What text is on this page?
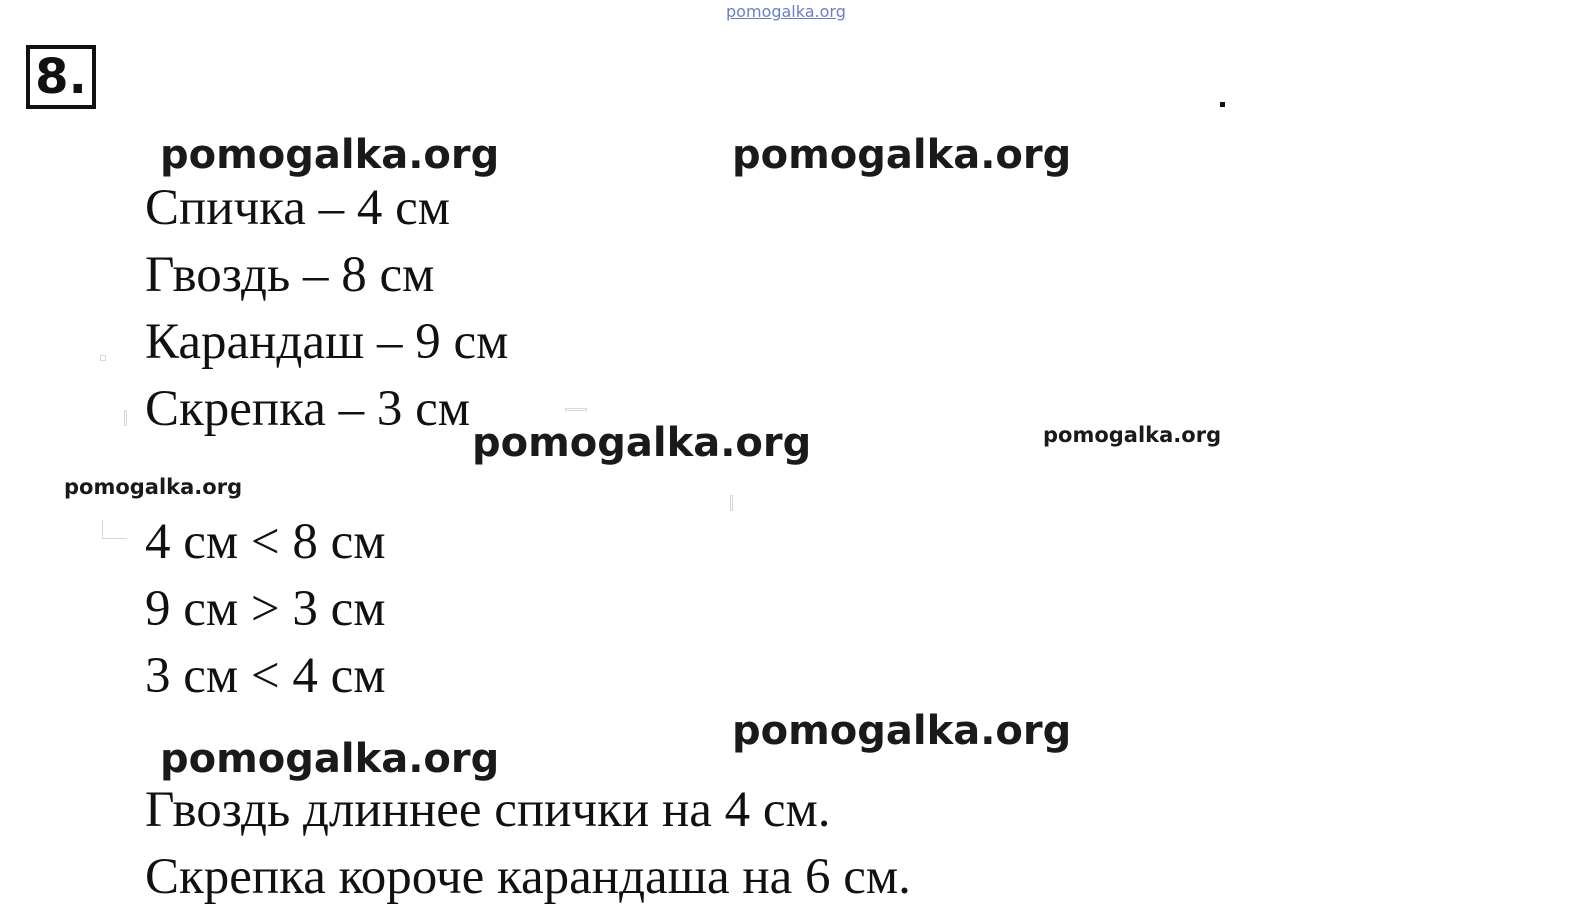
pomogalka.org
8.
pomogalka.org	pomogalka.org
Спичка – 4 см
Гвоздь – 8 см
Карандаш – 9 см
Скрепка – 3 см
pomogalka.org	pomogalka.org
pomogalka.org
4 см < 8 см
9 см > 3 см
3 см < 4 см
pomogalka.org
pomogalka.org
Гвоздь длиннее спички на 4 см.
Скрепка короче карандаша на 6 см.
